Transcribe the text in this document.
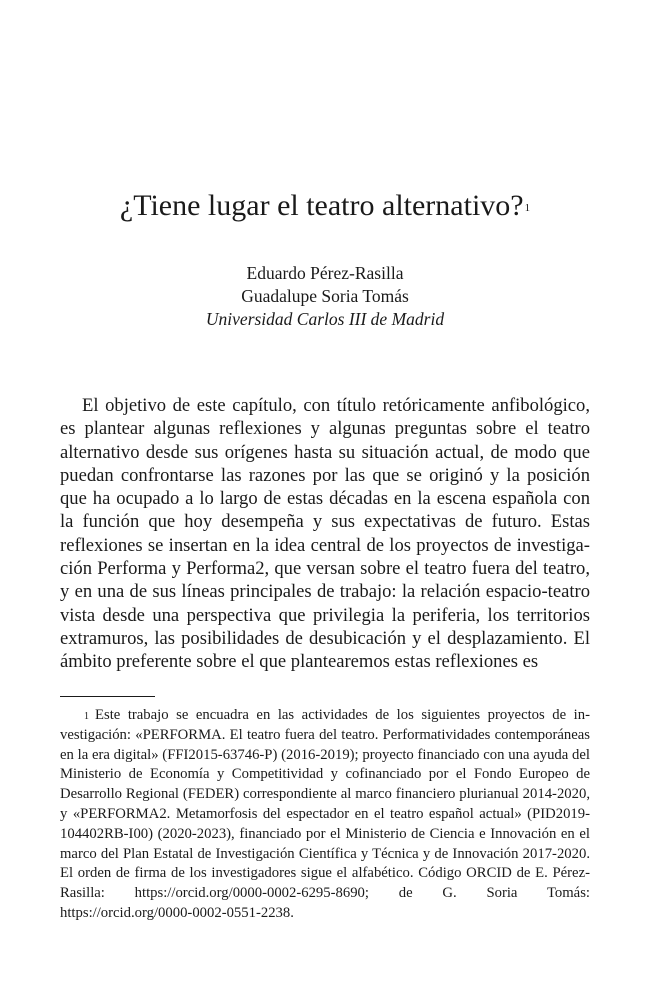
¿Tiene lugar el teatro alternativo?$^1$
Eduardo Pérez-Rasilla
Guadalupe Soria Tomás
Universidad Carlos III de Madrid

El objetivo de este capítulo, con título retóricamente anfibológico, es plantear algunas reflexiones y algunas preguntas sobre el teatro alternativo desde sus orígenes hasta su situación actual, de modo que puedan confrontarse las razones por las que se originó y la posición que ha ocupado a lo largo de estas décadas en la escena española con la función que hoy desempeña y sus expectativas de futuro. Estas reflexiones se insertan en la idea central de los proyectos de investigación Performa y Performa2, que versan sobre el teatro fuera del teatro, y en una de sus líneas principales de trabajo: la relación espacio-teatro vista desde una perspectiva que privilegia la periferia, los territorios extramuros, las posibilidades de desubicación y el desplazamiento. El ámbito preferente sobre el que plantearemos estas reflexiones es

1 Este trabajo se encuadra en las actividades de los siguientes proyectos de investigación: «PERFORMA. El teatro fuera del teatro. Performatividades contemporáneas en la era digital» (FFI2015-63746-P) (2016-2019); proyecto financiado con una ayuda del Ministerio de Economía y Competitividad y cofinanciado por el Fondo Europeo de Desarrollo Regional (FEDER) correspondiente al marco financiero plurianual 2014-2020, y «PERFORMA2. Metamorfosis del espectador en el teatro español actual» (PID2019-104402RB-I00) (2020-2023), financiado por el Ministerio de Ciencia e Innovación en el marco del Plan Estatal de Investigación Científica y Técnica y de Innovación 2017-2020. El orden de firma de los investigadores sigue el alfabético. Código ORCID de E. Pérez-Rasilla: https://orcid.org/0000-0002-6295-8690; de G. Soria Tomás: https://orcid.org/0000-0002-0551-2238.
